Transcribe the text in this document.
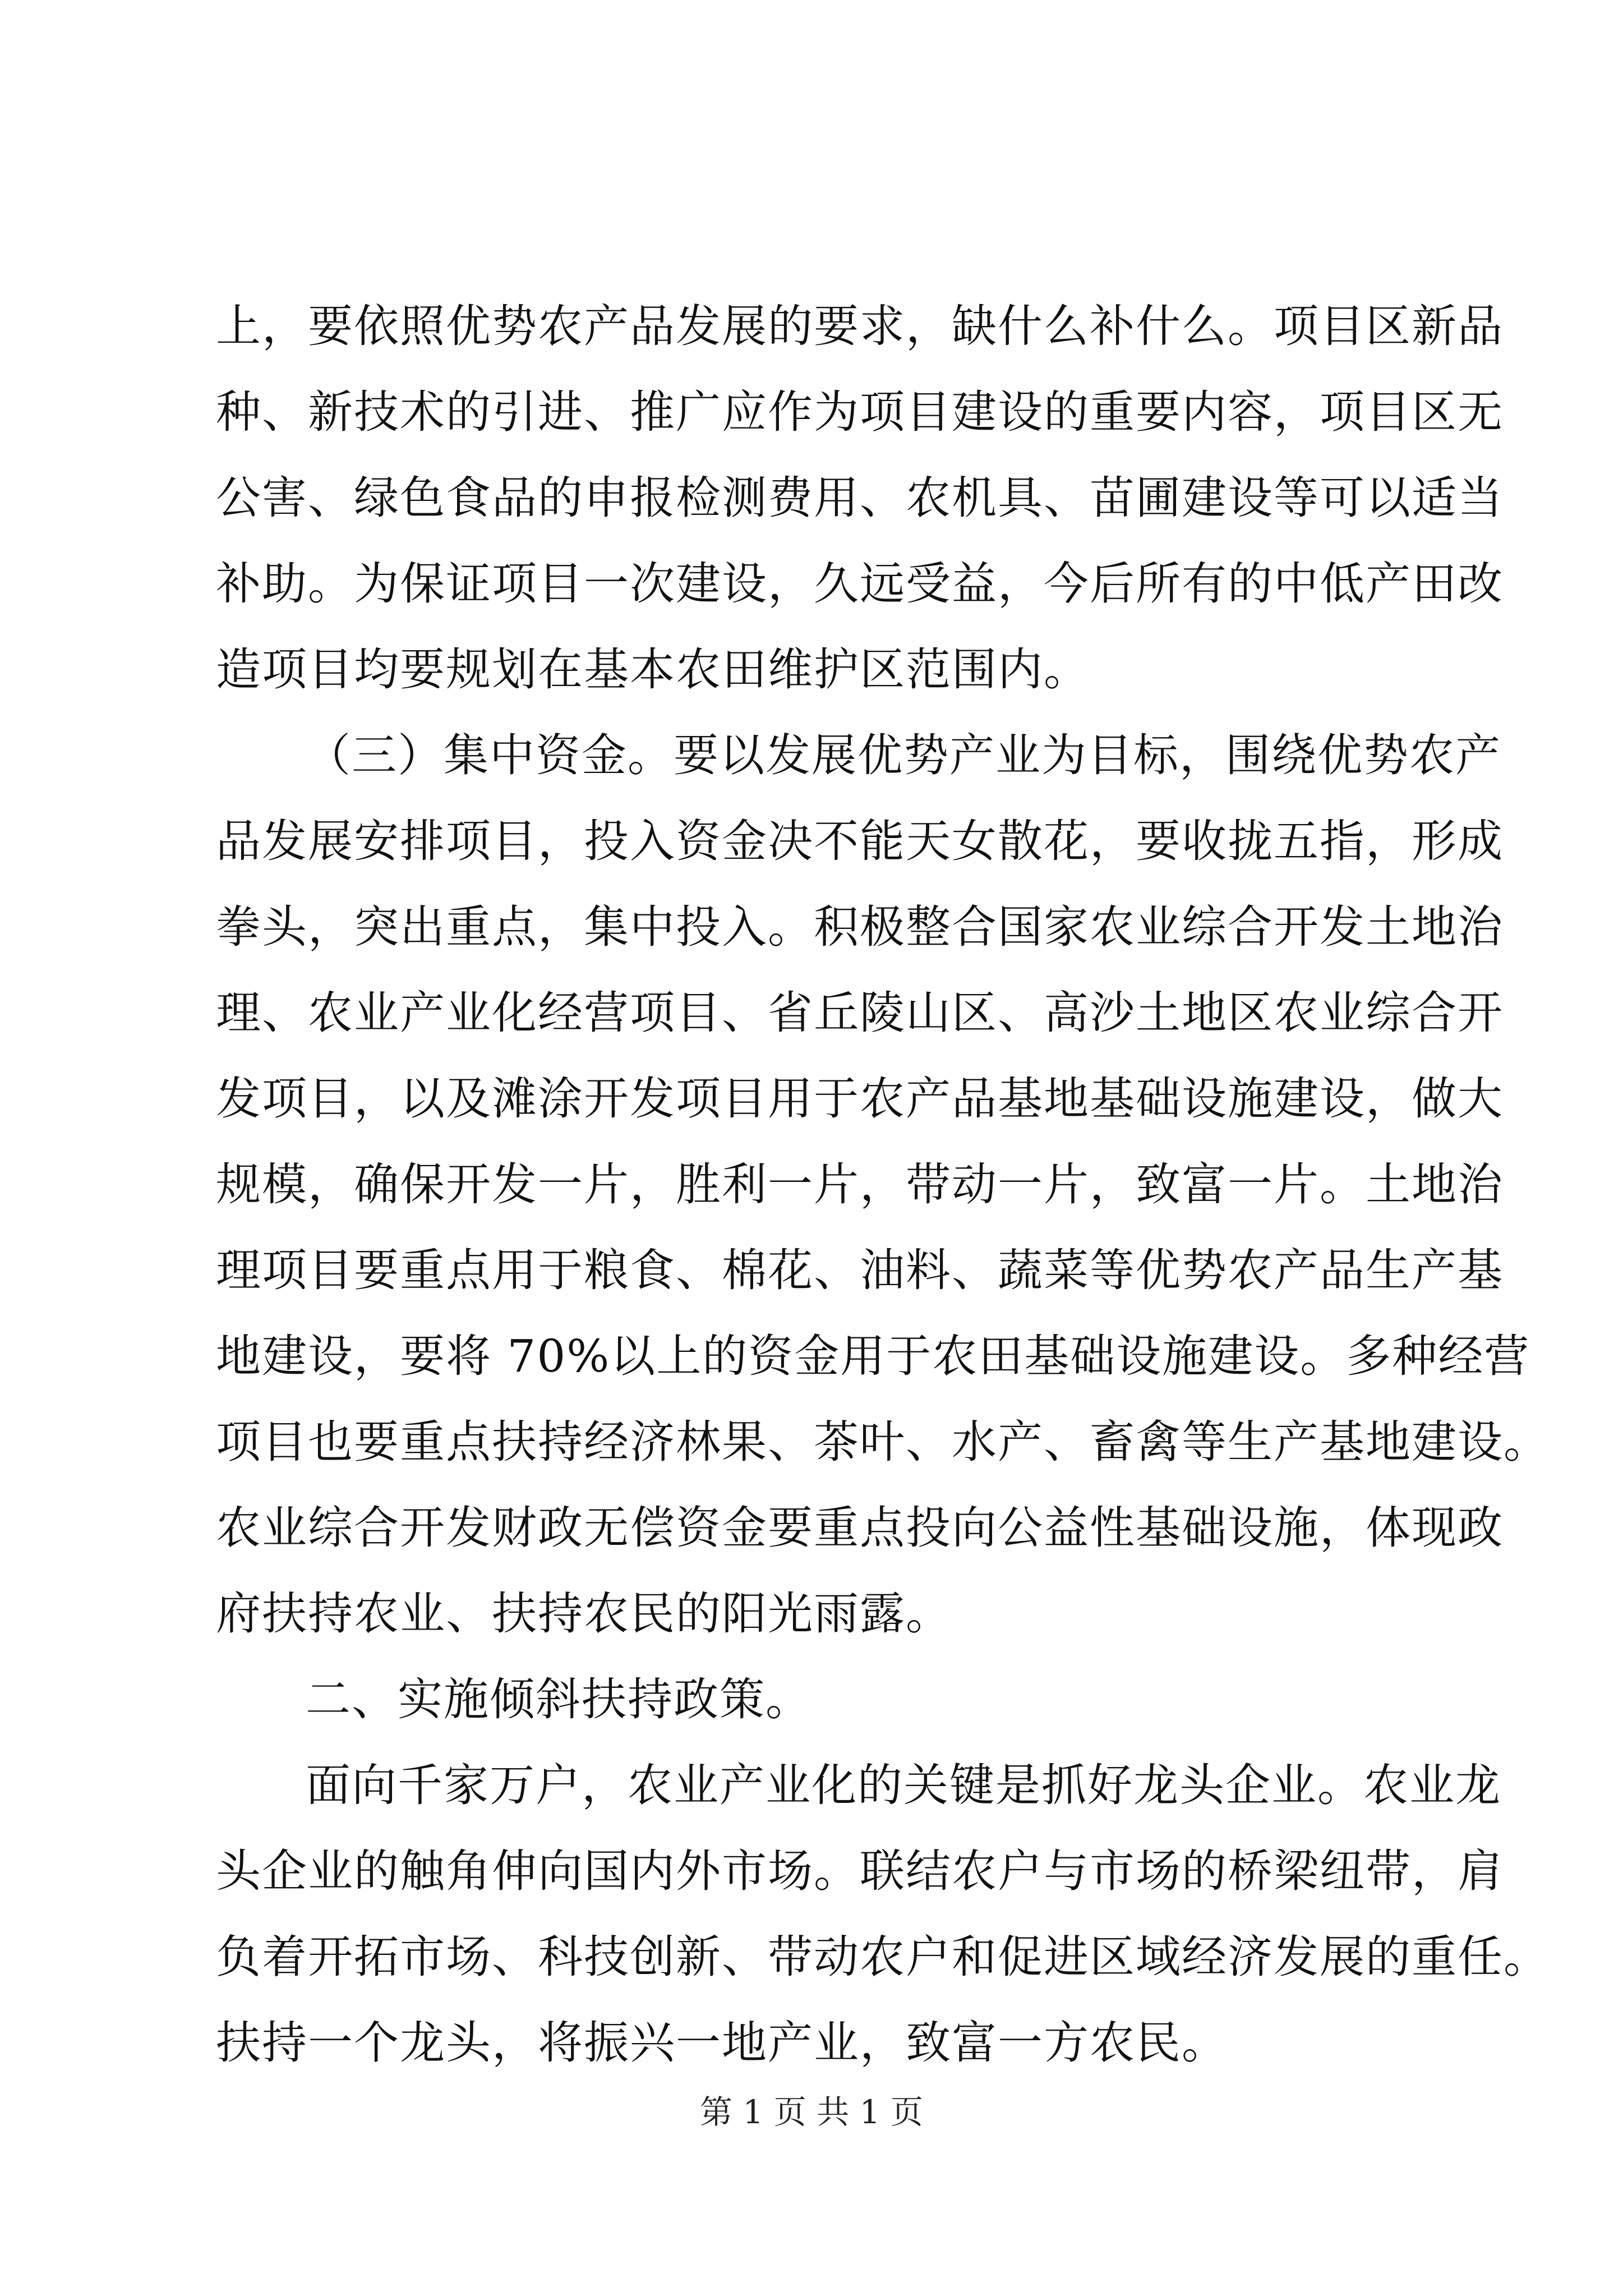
上，要依照优势农产品发展的要求，缺什么补什么。项目区新品
种、新技术的引进、推广应作为项目建设的重要内容，项目区无
公害、绿色食品的申报检测费用、农机具、苗圃建设等可以适当
补助。为保证项目一次建设，久远受益，今后所有的中低产田改
造项目均要规划在基本农田维护区范围内。
（三）集中资金。要以发展优势产业为目标，围绕优势农产
品发展安排项目，投入资金决不能天女散花，要收拢五指，形成
拳头，突出重点，集中投入。积极整合国家农业综合开发土地治
理、农业产业化经营项目、省丘陵山区、高沙土地区农业综合开
发项目，以及滩涂开发项目用于农产品基地基础设施建设，做大
规模，确保开发一片，胜利一片，带动一片，致富一片。土地治
理项目要重点用于粮食、棉花、油料、蔬菜等优势农产品生产基
地建设，要将 70%以上的资金用于农田基础设施建设。多种经营
项目也要重点扶持经济林果、茶叶、水产、畜禽等生产基地建设。
农业综合开发财政无偿资金要重点投向公益性基础设施，体现政
府扶持农业、扶持农民的阳光雨露。
二、实施倾斜扶持政策。
面向千家万户，农业产业化的关键是抓好龙头企业。农业龙
头企业的触角伸向国内外市场。联结农户与市场的桥梁纽带，肩
负着开拓市场、科技创新、带动农户和促进区域经济发展的重任。
扶持一个龙头，将振兴一地产业，致富一方农民。
第 1 页 共 1 页
